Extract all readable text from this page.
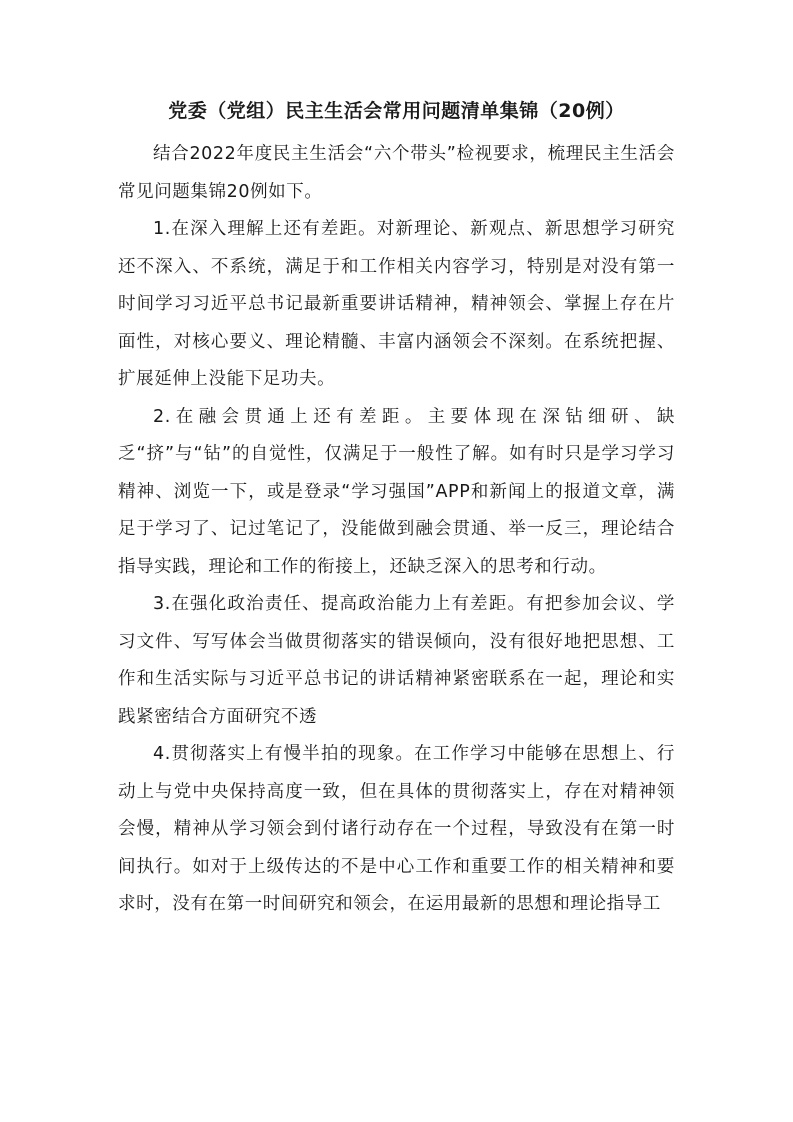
党委（党组）民主生活会常用问题清单集锦（20例）

结合2022年度民主生活会“六个带头”检视要求，梳理民主生活会常见问题集锦20例如下。

1.在深入理解上还有差距。对新理论、新观点、新思想学习研究还不深入、不系统，满足于和工作相关内容学习，特别是对没有第一时间学习习近平总书记最新重要讲话精神，精神领会、掌握上存在片面性，对核心要义、理论精髓、丰富内涵领会不深刻。在系统把握、扩展延伸上没能下足功夫。

2.在融会贯通上还有差距。主要体现在深钻细研、缺乏“挤”与“钻”的自觉性，仅满足于一般性了解。如有时只是学习学习精神、浏览一下，或是登录“学习强国”APP和新闻上的报道文章，满足于学习了、记过笔记了，没能做到融会贯通、举一反三，理论结合指导实践，理论和工作的衔接上，还缺乏深入的思考和行动。

3.在强化政治责任、提高政治能力上有差距。有把参加会议、学习文件、写写体会当做贯彻落实的错误倾向，没有很好地把思想、工作和生活实际与习近平总书记的讲话精神紧密联系在一起，理论和实践紧密结合方面研究不透

4.贯彻落实上有慢半拍的现象。在工作学习中能够在思想上、行动上与党中央保持高度一致，但在具体的贯彻落实上，存在对精神领会慢，精神从学习领会到付诸行动存在一个过程，导致没有在第一时间执行。如对于上级传达的不是中心工作和重要工作的相关精神和要求时，没有在第一时间研究和领会，在运用最新的思想和理论指导工
